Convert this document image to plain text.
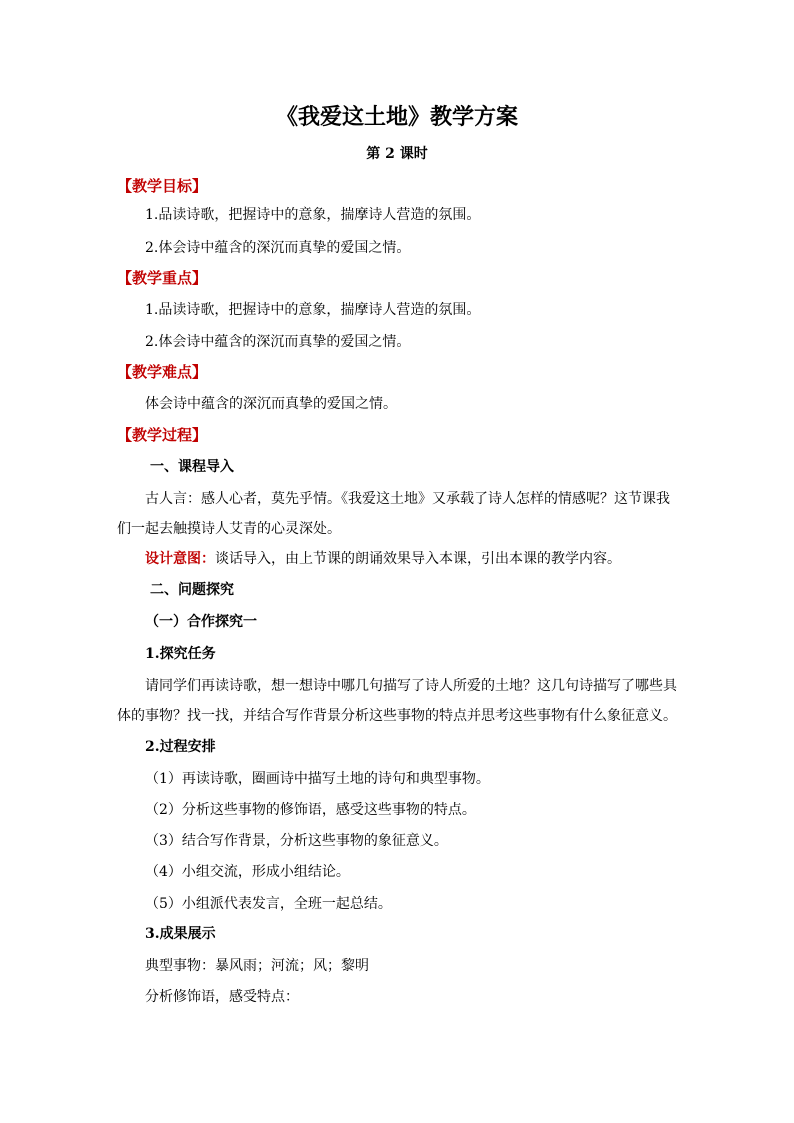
《我爱这土地》教学方案
第 2 课时
【教学目标】
1.品读诗歌，把握诗中的意象，揣摩诗人营造的氛围。
2.体会诗中蕴含的深沉而真挚的爱国之情。
【教学重点】
1.品读诗歌，把握诗中的意象，揣摩诗人营造的氛围。
2.体会诗中蕴含的深沉而真挚的爱国之情。
【教学难点】
体会诗中蕴含的深沉而真挚的爱国之情。
【教学过程】
一、课程导入
古人言：感人心者，莫先乎情。《我爱这土地》又承载了诗人怎样的情感呢？这节课我
们一起去触摸诗人艾青的心灵深处。
设计意图：谈话导入，由上节课的朗诵效果导入本课，引出本课的教学内容。
二、问题探究
（一）合作探究一
1.探究任务
请同学们再读诗歌，想一想诗中哪几句描写了诗人所爱的土地？这几句诗描写了哪些具
体的事物？找一找，并结合写作背景分析这些事物的特点并思考这些事物有什么象征意义。
2.过程安排
（1）再读诗歌，圈画诗中描写土地的诗句和典型事物。
（2）分析这些事物的修饰语，感受这些事物的特点。
（3）结合写作背景，分析这些事物的象征意义。
（4）小组交流，形成小组结论。
（5）小组派代表发言，全班一起总结。
3.成果展示
典型事物：暴风雨；河流；风；黎明
分析修饰语，感受特点：
